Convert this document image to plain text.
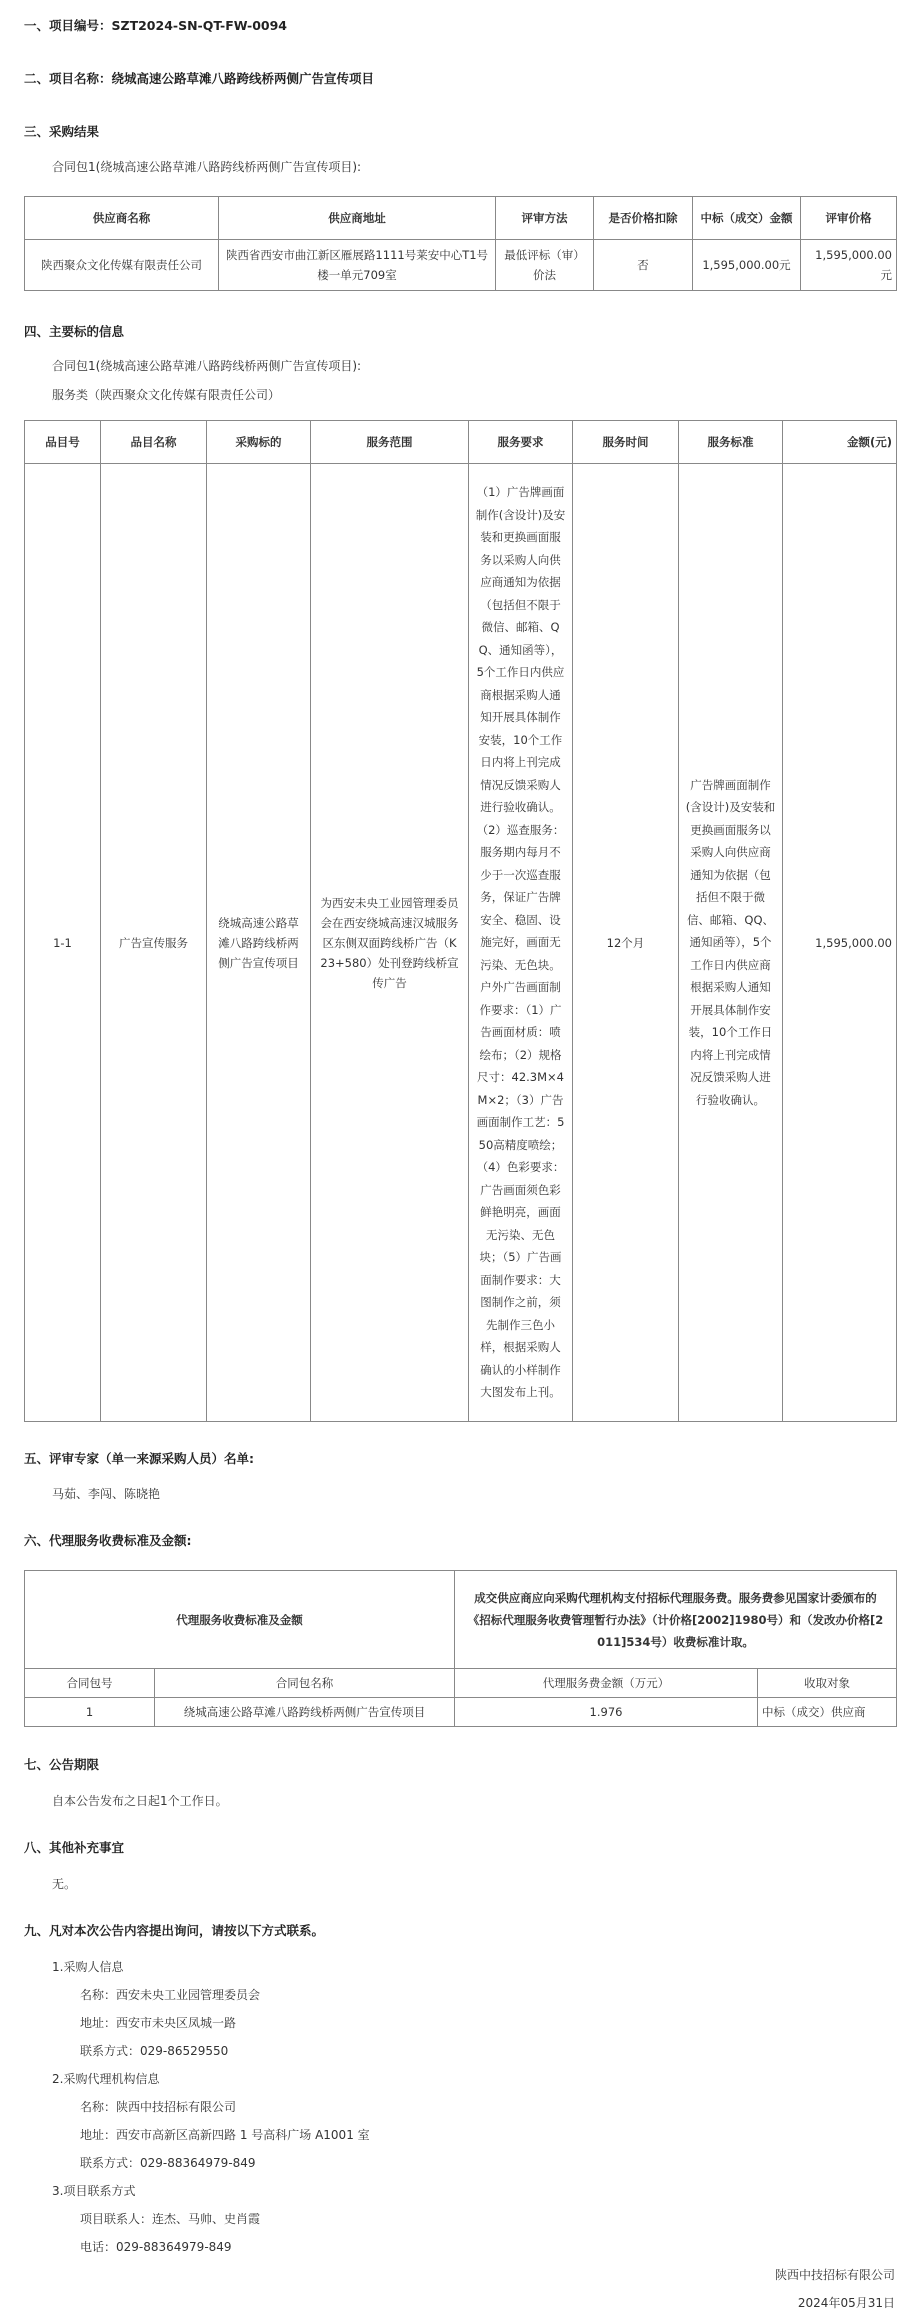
一、项目编号：SZT2024-SN-QT-FW-0094
二、项目名称：绕城高速公路草滩八路跨线桥两侧广告宣传项目
三、采购结果
合同包1(绕城高速公路草滩八路跨线桥两侧广告宣传项目):
供应商名称	供应商地址	评审方法	是否价格扣除	中标（成交）金额	评审价格
陕西聚众文化传媒有限责任公司	陕西省西安市曲江新区雁展路1111号莱安中心T1号楼一单元709室	最低评标（审）价法	否	1,595,000.00元	1,595,000.00元
四、主要标的信息
合同包1(绕城高速公路草滩八路跨线桥两侧广告宣传项目):
服务类（陕西聚众文化传媒有限责任公司）
品目号	品目名称	采购标的	服务范围	服务要求	服务时间	服务标准	金额(元)
1-1	广告宣传服务	绕城高速公路草滩八路跨线桥两侧广告宣传项目	为西安未央工业园管理委员会在西安绕城高速汉城服务区东侧双面跨线桥广告（K23+580）处刊登跨线桥宣传广告	（1）广告牌画面制作(含设计)及安装和更换画面服务以采购人向供应商通知为依据（包括但不限于微信、邮箱、QQ、通知函等），5个工作日内供应商根据采购人通知开展具体制作安装，10个工作日内将上刊完成情况反馈采购人进行验收确认。（2）巡查服务：服务期内每月不少于一次巡查服务，保证广告牌安全、稳固、设施完好，画面无污染、无色块。户外广告画面制作要求：（1）广告画面材质：喷绘布；（2）规格尺寸：42.3M×4M×2；（3）广告画面制作工艺：550高精度喷绘；（4）色彩要求：广告画面须色彩鲜艳明亮，画面无污染、无色块；（5）广告画面制作要求：大图制作之前，须先制作三色小样，根据采购人确认的小样制作大图发布上刊。	12个月	广告牌画面制作(含设计)及安装和更换画面服务以采购人向供应商通知为依据（包括但不限于微信、邮箱、QQ、通知函等），5个工作日内供应商根据采购人通知开展具体制作安装，10个工作日内将上刊完成情况反馈采购人进行验收确认。	1,595,000.00
五、评审专家（单一来源采购人员）名单:
马茹、李闯、陈晓艳
六、代理服务收费标准及金额:
代理服务收费标准及金额		成交供应商应向采购代理机构支付招标代理服务费。服务费参见国家计委颁布的《招标代理服务收费管理暂行办法》（计价格[2002]1980号）和（发改办价格[2011]534号）收费标准计取。	
合同包号	合同包名称	代理服务费金额（万元）	收取对象
1	绕城高速公路草滩八路跨线桥两侧广告宣传项目	1.976	中标（成交）供应商
七、公告期限
自本公告发布之日起1个工作日。
八、其他补充事宜
无。
九、凡对本次公告内容提出询问，请按以下方式联系。
1.采购人信息
名称：西安未央工业园管理委员会
地址：西安市未央区凤城一路
联系方式：029-86529550
2.采购代理机构信息
名称：陕西中技招标有限公司
地址：西安市高新区高新四路 1 号高科广场 A1001 室
联系方式：029-88364979-849
3.项目联系方式
项目联系人：连杰、马帅、史肖霞
电话：029-88364979-849
陕西中技招标有限公司
2024年05月31日
